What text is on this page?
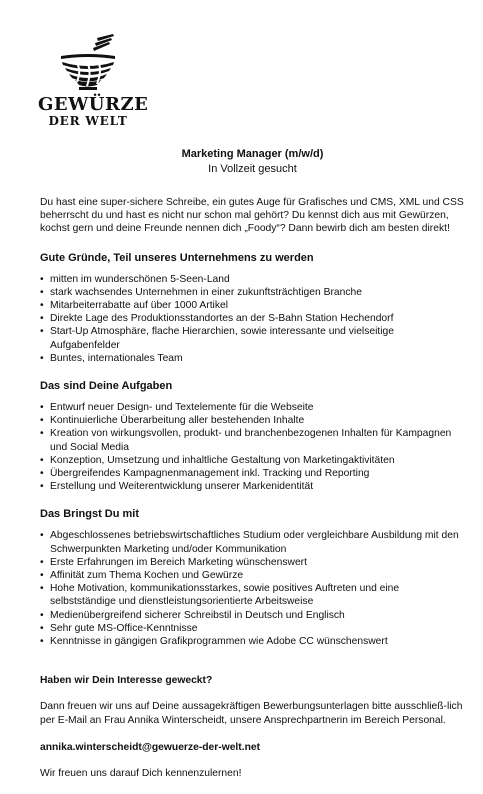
GEWÜRZE
DER WELT
Marketing Manager (m/w/d)
In Vollzeit gesucht

Du hast eine super-sichere Schreibe, ein gutes Auge für Grafisches und CMS, XML und CSS beherrscht du und hast es nicht nur schon mal gehört? Du kennst dich aus mit Gewürzen, kochst gern und deine Freunde nennen dich „Foody“? Dann bewirb dich am besten direkt!

Gute Gründe, Teil unseres Unternehmens zu werden
• mitten im wunderschönen 5-Seen-Land
• stark wachsendes Unternehmen in einer zukunftsträchtigen Branche
• Mitarbeiterrabatte auf über 1000 Artikel
• Direkte Lage des Produktionsstandortes an der S-Bahn Station Hechendorf
• Start-Up Atmosphäre, flache Hierarchien, sowie interessante und vielseitige Aufgabenfelder
• Buntes, internationales Team
Das sind Deine Aufgaben
• Entwurf neuer Design- und Textelemente für die Webseite
• Kontinuierliche Überarbeitung aller bestehenden Inhalte
• Kreation von wirkungsvollen, produkt- und branchenbezogenen Inhalten für Kampagnen und Social Media
• Konzeption, Umsetzung und inhaltliche Gestaltung von Marketingaktivitäten
• Übergreifendes Kampagnenmanagement inkl. Tracking und Reporting
• Erstellung und Weiterentwicklung unserer Markenidentität
Das Bringst Du mit
• Abgeschlossenes betriebswirtschaftliches Studium oder vergleichbare Ausbildung mit den Schwerpunkten Marketing und/oder Kommunikation
• Erste Erfahrungen im Bereich Marketing wünschenswert
• Affinität zum Thema Kochen und Gewürze
• Hohe Motivation, kommunikationsstarkes, sowie positives Auftreten und eine selbstständige und dienstleistungsorientierte Arbeitsweise
• Medienübergreifend sicherer Schreibstil in Deutsch und Englisch
• Sehr gute MS-Office-Kenntnisse
• Kenntnisse in gängigen Grafikprogrammen wie Adobe CC wünschenswert

Haben wir Dein Interesse geweckt?

Dann freuen wir uns auf Deine aussagekräftigen Bewerbungsunterlagen bitte ausschließ-lich per E-Mail an Frau Annika Winterscheidt, unsere Ansprechpartnerin im Bereich Personal.

annika.winterscheidt@gewuerze-der-welt.net

Wir freuen uns darauf Dich kennenzulernen!
